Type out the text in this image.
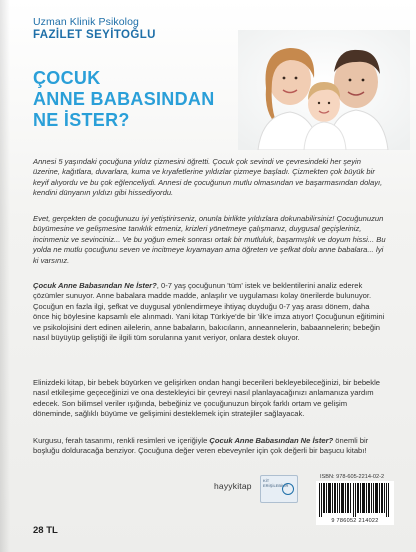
Uzman Klinik Psikolog
FAZİLET SEYİTOĞLU
ÇOCUK
ANNE BABASINDAN
NE İSTER?

Annesi 5 yaşındaki çocuğuna yıldız çizmesini öğretti. Çocuk çok sevindi ve çevresindeki her şeyin üzerine, kağıtlara, duvarlara, kuma ve kıyafetlerine yıldızlar çizmeye başladı. Çizmekten çok büyük bir keyif alıyordu ve bu çok eğlenceliydi. Annesi de çocuğunun mutlu olmasından ve başarmasından dolayı, kendini dünyanın yıldızı gibi hissediyordu.

Evet, gerçekten de çocuğunuzu iyi yetiştirirseniz, onunla birlikte yıldızlara dokunabilirsiniz! Çocuğunuzun büyümesine ve gelişmesine tanıklık etmeniz, krizleri yönetmeye çalışmanız, duygusal geçişleriniz, incinmeniz ve sevinciniz... Ve bu yoğun emek sonrası ortak bir mutluluk, başarmışlık ve doyum hissi... Bu yolda ne mutlu çocuğunu seven ve incitmeye kıyamayan ama öğreten ve şefkat dolu anne babalara... İyi ki varsınız.

Çocuk Anne Babasından Ne İster?, 0-7 yaş çocuğunun 'tüm' istek ve beklentilerini analiz ederek çözümler sunuyor. Anne babalara madde madde, anlaşılır ve uygulaması kolay önerilerde bulunuyor. Çocuğun en fazla ilgi, şefkat ve duygusal yönlendirmeye ihtiyaç duyduğu 0-7 yaş arası dönem, daha önce hiç böylesine kapsamlı ele alınmadı. Yani kitap Türkiye'de bir 'ilk'e imza atıyor! Çocuğunun eğitimini ve psikolojisini dert edinen ailelerin, anne babaların, bakıcıların, anneannelerin, babaannelerin; bebeğin nasıl büyüyüp geliştiği ile ilgili tüm sorularına yanıt veriyor, onlara destek oluyor.

Elinizdeki kitap, bir bebek büyürken ve gelişirken ondan hangi becerileri bekleyebileceğinizi, bir bebekle nasıl etkileşime geçeceğinizi ve ona destekleyici bir çevreyi nasıl planlayacağınızı anlamanıza yardım edecek. Son bilimsel veriler ışığında, bebeğiniz ve çocuğunuzun birçok farklı ortam ve gelişim döneminde, sağlıklı büyüme ve gelişimini desteklemek için stratejiler sağlayacak.

Kurgusu, ferah tasarımı, renkli resimleri ve içeriğiyle Çocuk Anne Babasından Ne İster? önemli bir boşluğu dolduracağa benziyor. Çocuğuna değer veren ebeveynler için çok değerli bir başucu kitabı!

hayykitap
KİT ERİŞİLEBİLİR
ISBN: 978-605-2214-02-2
9 786052 214022
28 TL
